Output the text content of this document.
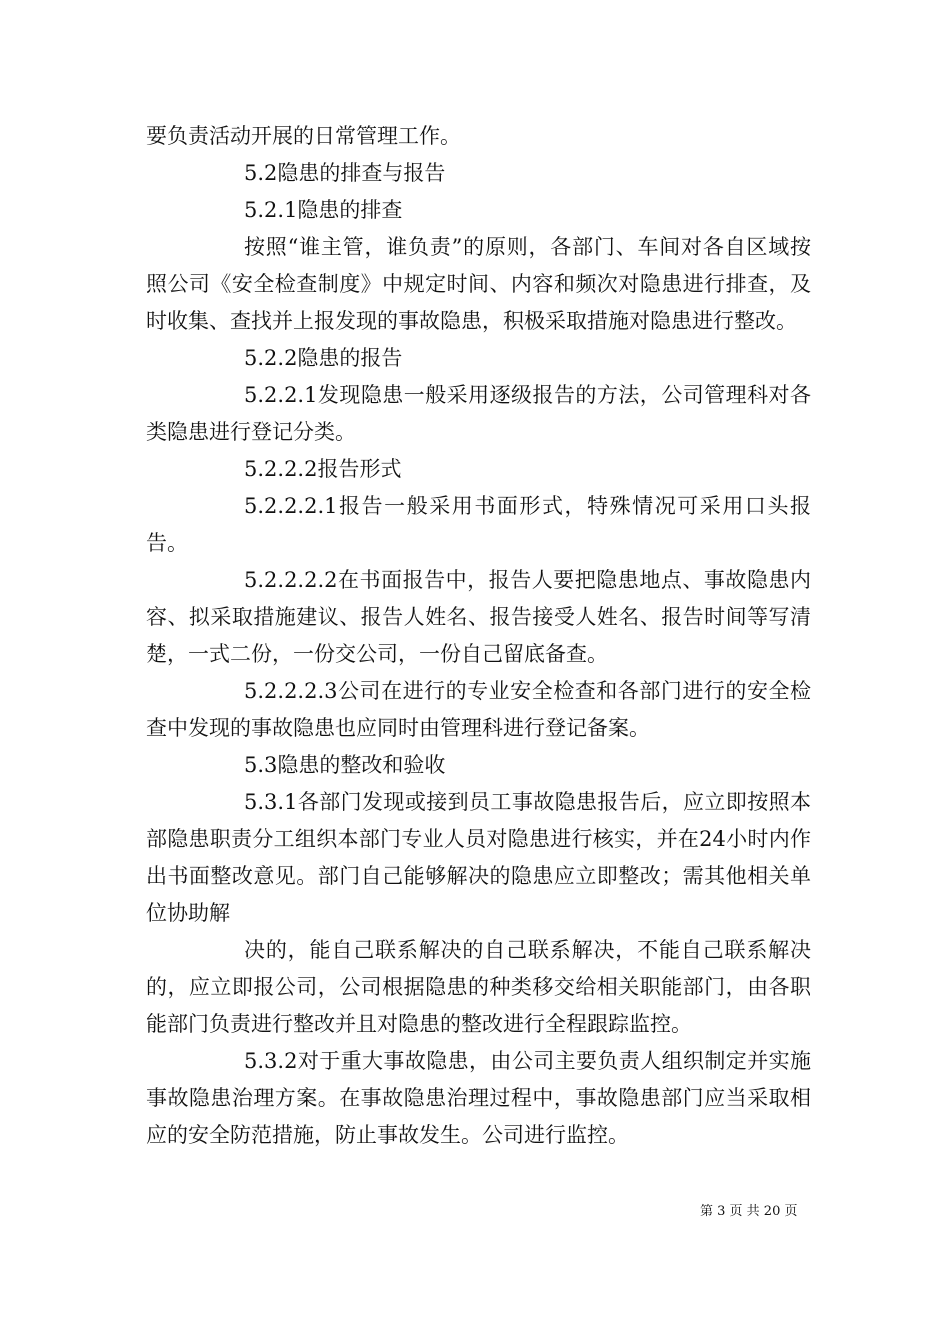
要负责活动开展的日常管理工作。

5.2隐患的排查与报告

5.2.1隐患的排查

按照“谁主管，谁负责”的原则，各部门、车间对各自区域按照公司《安全检查制度》中规定时间、内容和频次对隐患进行排查，及时收集、查找并上报发现的事故隐患，积极采取措施对隐患进行整改。

5.2.2隐患的报告

5.2.2.1发现隐患一般采用逐级报告的方法，公司管理科对各类隐患进行登记分类。

5.2.2.2报告形式

5.2.2.2.1报告一般采用书面形式，特殊情况可采用口头报告。

5.2.2.2.2在书面报告中，报告人要把隐患地点、事故隐患内容、拟采取措施建议、报告人姓名、报告接受人姓名、报告时间等写清楚，一式二份，一份交公司，一份自己留底备查。

5.2.2.2.3公司在进行的专业安全检查和各部门进行的安全检查中发现的事故隐患也应同时由管理科进行登记备案。

5.3隐患的整改和验收

5.3.1各部门发现或接到员工事故隐患报告后，应立即按照本部隐患职责分工组织本部门专业人员对隐患进行核实，并在24小时内作出书面整改意见。部门自己能够解决的隐患应立即整改；需其他相关单位协助解

决的，能自己联系解决的自己联系解决，不能自己联系解决的，应立即报公司，公司根据隐患的种类移交给相关职能部门，由各职能部门负责进行整改并且对隐患的整改进行全程跟踪监控。

5.3.2对于重大事故隐患，由公司主要负责人组织制定并实施事故隐患治理方案。在事故隐患治理过程中，事故隐患部门应当采取相应的安全防范措施，防止事故发生。公司进行监控。

第 3 页 共 20 页
